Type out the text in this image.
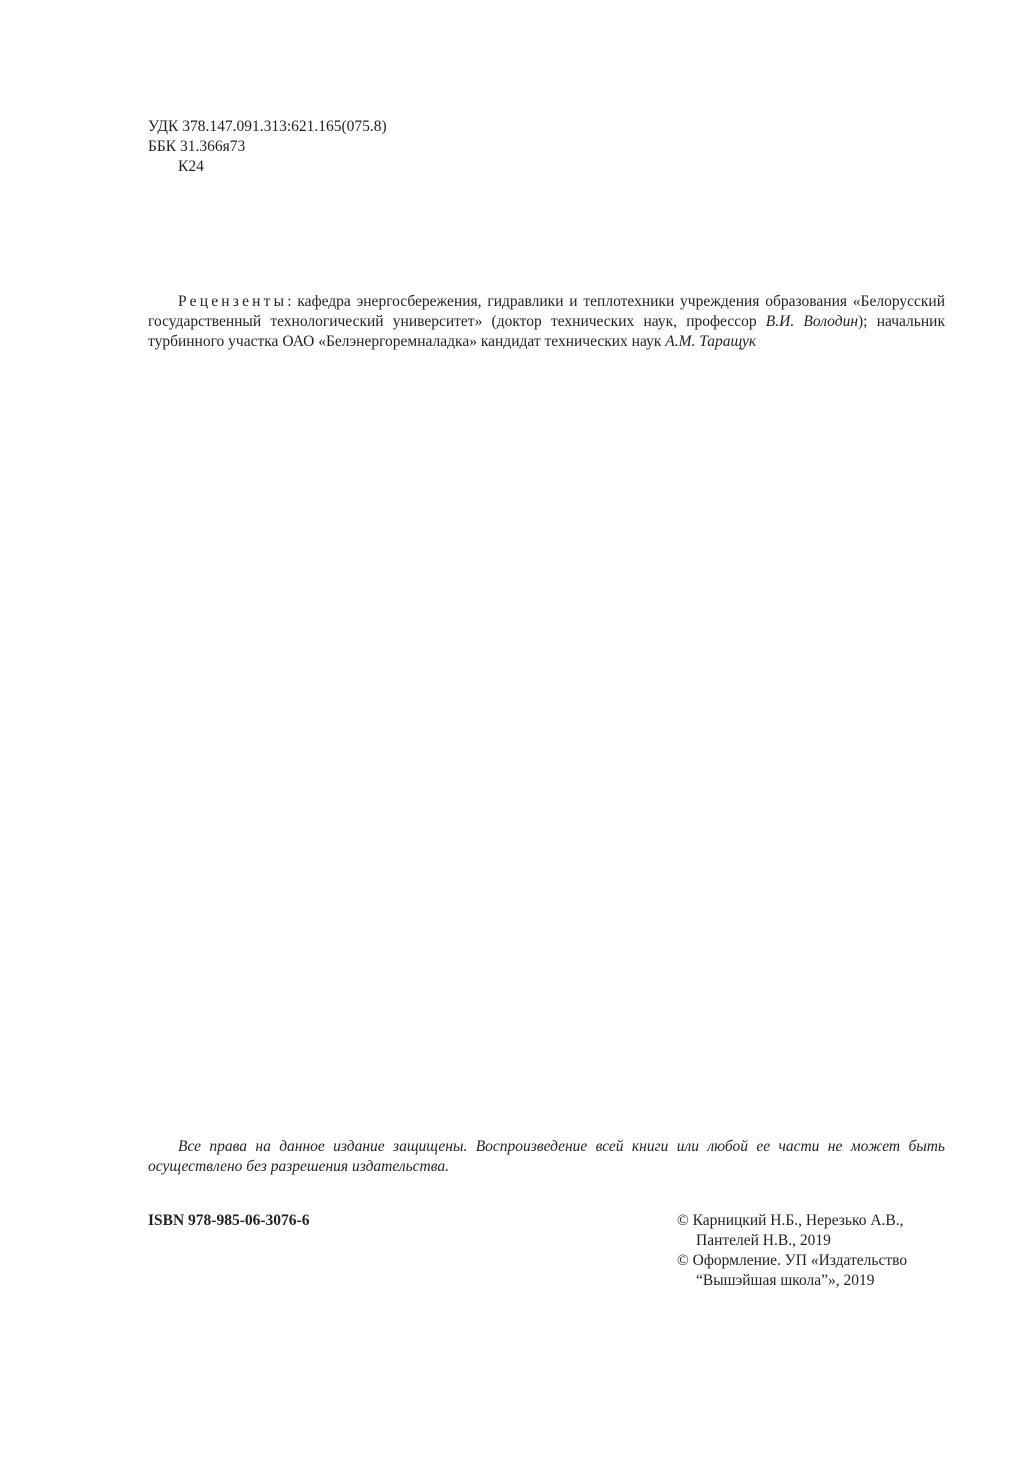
УДК 378.147.091.313:621.165(075.8)
ББК 31.366я73
К24
Рецензенты: кафедра энергосбережения, гидравлики и теплотехники учреждения образования «Белорусский государственный технологический университет» (доктор технических наук, профессор В.И. Володин); начальник турбинного участка ОАО «Белэнергоремналадка» кандидат технических наук А.М. Таращук
Все права на данное издание защищены. Воспроизведение всей книги или любой ее части не может быть осуществлено без разрешения издательства.
ISBN 978-985-06-3076-6	© Карницкий Н.Б., Нерезько А.В.,
Пантелей Н.В., 2019
© Оформление. УП «Издательство
“Вышэйшая школа”», 2019
